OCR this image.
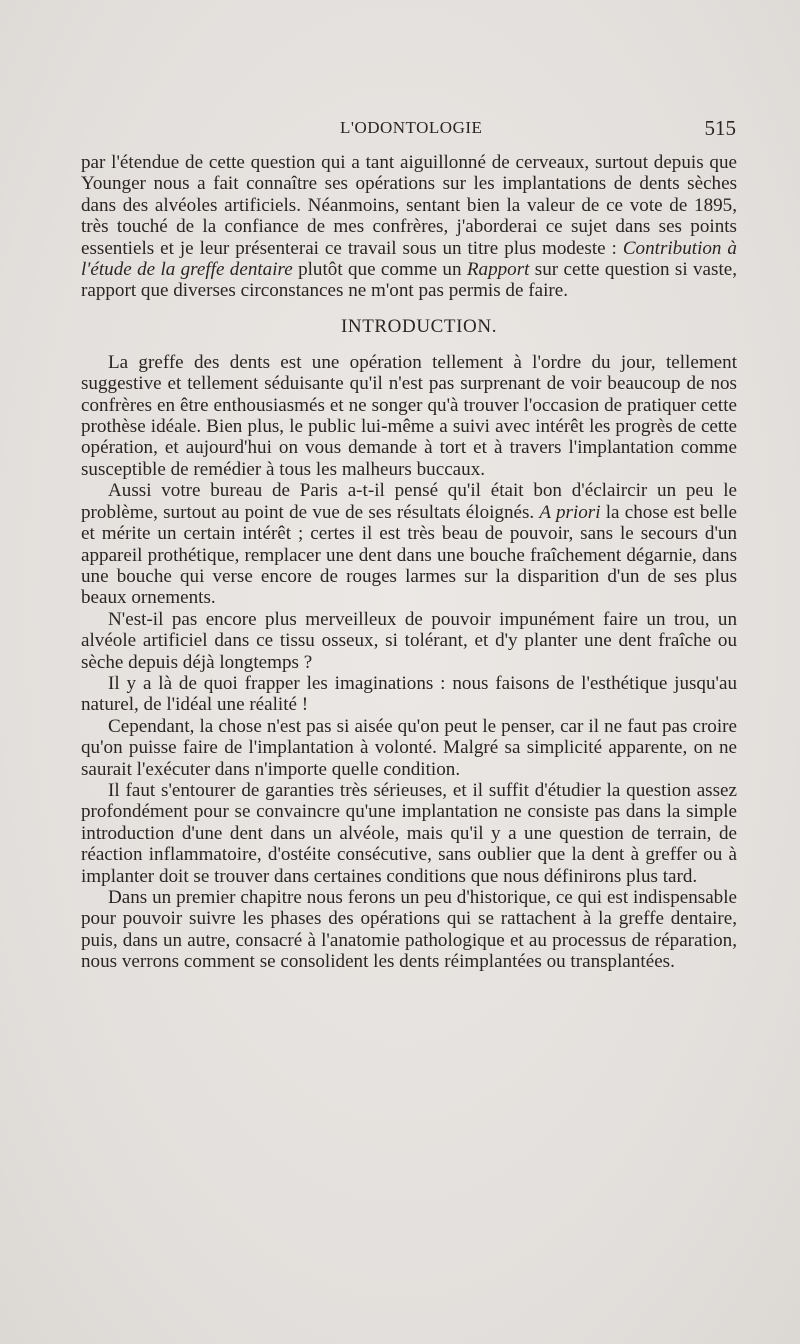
L'ODONTOLOGIE	515

par l'étendue de cette question qui a tant aiguillonné de cerveaux, surtout depuis que Younger nous a fait connaître ses opérations sur les implantations de dents sèches dans des alvéoles artificiels. Néanmoins, sentant bien la valeur de ce vote de 1895, très touché de la confiance de mes confrères, j'aborderai ce sujet dans ses points essentiels et je leur présenterai ce travail sous un titre plus modeste : Contribution à l'étude de la greffe dentaire plutôt que comme un Rapport sur cette question si vaste, rapport que diverses circonstances ne m'ont pas permis de faire.

INTRODUCTION.

La greffe des dents est une opération tellement à l'ordre du jour, tellement suggestive et tellement séduisante qu'il n'est pas surprenant de voir beaucoup de nos confrères en être enthousiasmés et ne songer qu'à trouver l'occasion de pratiquer cette prothèse idéale. Bien plus, le public lui-même a suivi avec intérêt les progrès de cette opération, et aujourd'hui on vous demande à tort et à travers l'implantation comme susceptible de remédier à tous les malheurs buccaux.

Aussi votre bureau de Paris a-t-il pensé qu'il était bon d'éclaircir un peu le problème, surtout au point de vue de ses résultats éloignés. A priori la chose est belle et mérite un certain intérêt ; certes il est très beau de pouvoir, sans le secours d'un appareil prothétique, remplacer une dent dans une bouche fraîchement dégarnie, dans une bouche qui verse encore de rouges larmes sur la disparition d'un de ses plus beaux ornements.

N'est-il pas encore plus merveilleux de pouvoir impunément faire un trou, un alvéole artificiel dans ce tissu osseux, si tolérant, et d'y planter une dent fraîche ou sèche depuis déjà longtemps ?

Il y a là de quoi frapper les imaginations : nous faisons de l'esthétique jusqu'au naturel, de l'idéal une réalité !

Cependant, la chose n'est pas si aisée qu'on peut le penser, car il ne faut pas croire qu'on puisse faire de l'implantation à volonté. Malgré sa simplicité apparente, on ne saurait l'exécuter dans n'importe quelle condition.

Il faut s'entourer de garanties très sérieuses, et il suffit d'étudier la question assez profondément pour se convaincre qu'une implantation ne consiste pas dans la simple introduction d'une dent dans un alvéole, mais qu'il y a une question de terrain, de réaction inflammatoire, d'ostéite consécutive, sans oublier que la dent à greffer ou à implanter doit se trouver dans certaines conditions que nous définirons plus tard.

Dans un premier chapitre nous ferons un peu d'historique, ce qui est indispensable pour pouvoir suivre les phases des opérations qui se rattachent à la greffe dentaire, puis, dans un autre, consacré à l'anatomie pathologique et au processus de réparation, nous verrons comment se consolident les dents réimplantées ou transplantées.
